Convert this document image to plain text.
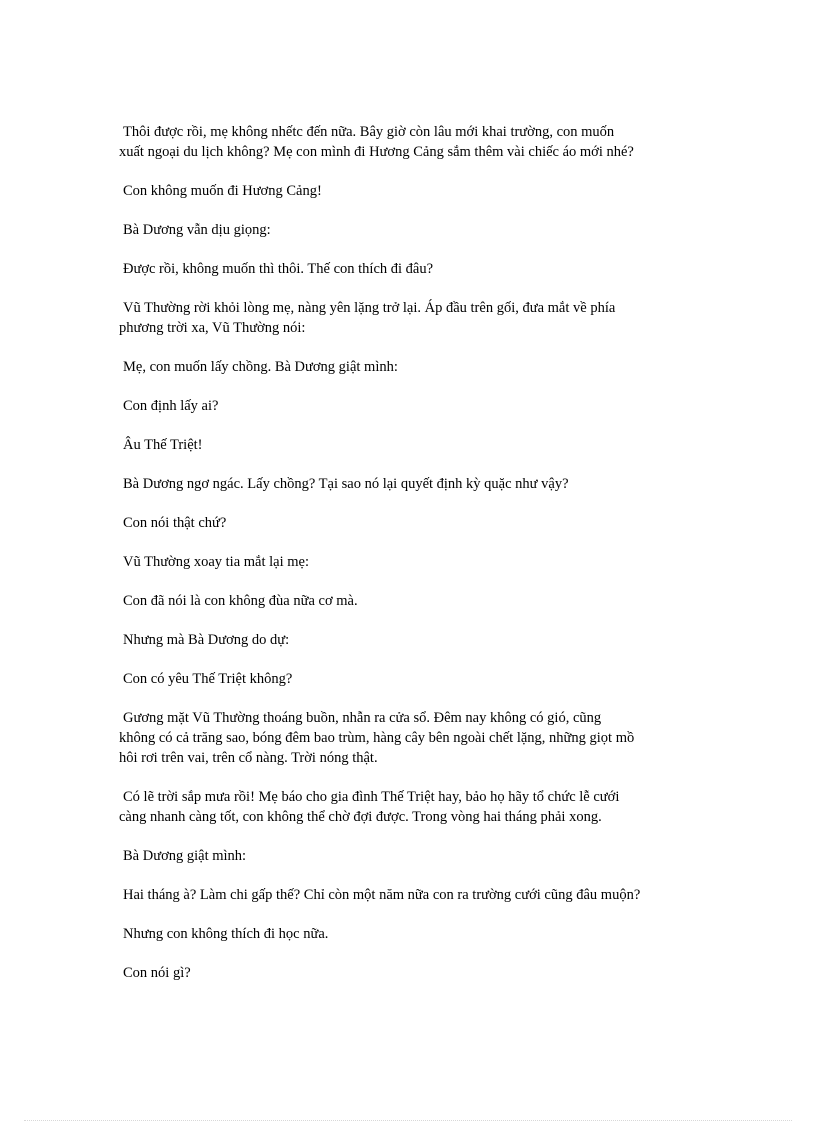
Thôi được rồi, mẹ không nhếtc đến nữa. Bây giờ còn lâu mới khai trường, con muốn
xuất ngoại du lịch không? Mẹ con mình đi Hương Cảng sắm thêm vài chiếc áo mới nhé?

Con không muốn đi Hương Cảng!

Bà Dương vẫn dịu giọng:

Được rồi, không muốn thì thôi. Thế con thích đi đâu?

Vũ Thường rời khỏi lòng mẹ, nàng yên lặng trở lại. Áp đầu trên gối, đưa mắt về phía
phương trời xa, Vũ Thường nói:

Mẹ, con muốn lấy chồng. Bà Dương giật mình:

Con định lấy ai?

Âu Thế Triệt!

Bà Dương ngơ ngác. Lấy chồng? Tại sao nó lại quyết định kỳ quặc như vậy?

Con nói thật chứ?

Vũ Thường xoay tia mắt lại mẹ:

Con đã nói là con không đùa nữa cơ mà.

Nhưng mà Bà Dương do dự:

Con có yêu Thế Triệt không?

Gương mặt Vũ Thường thoáng buồn, nhẫn ra cửa sổ. Đêm nay không có gió, cũng
không có cả trăng sao, bóng đêm bao trùm, hàng cây bên ngoài chết lặng, những giọt mồ
hôi rơi trên vai, trên cổ nàng. Trời nóng thật.

Có lẽ trời sắp mưa rồi! Mẹ báo cho gia đình Thế Triệt hay, bảo họ hãy tổ chức lễ cưới
càng nhanh càng tốt, con không thể chờ đợi được. Trong vòng hai tháng phải xong.

Bà Dương giật mình:

Hai tháng à? Làm chi gấp thế? Chỉ còn một năm nữa con ra trường cưới cũng đâu muộn?

Nhưng con không thích đi học nữa.

Con nói gì?
